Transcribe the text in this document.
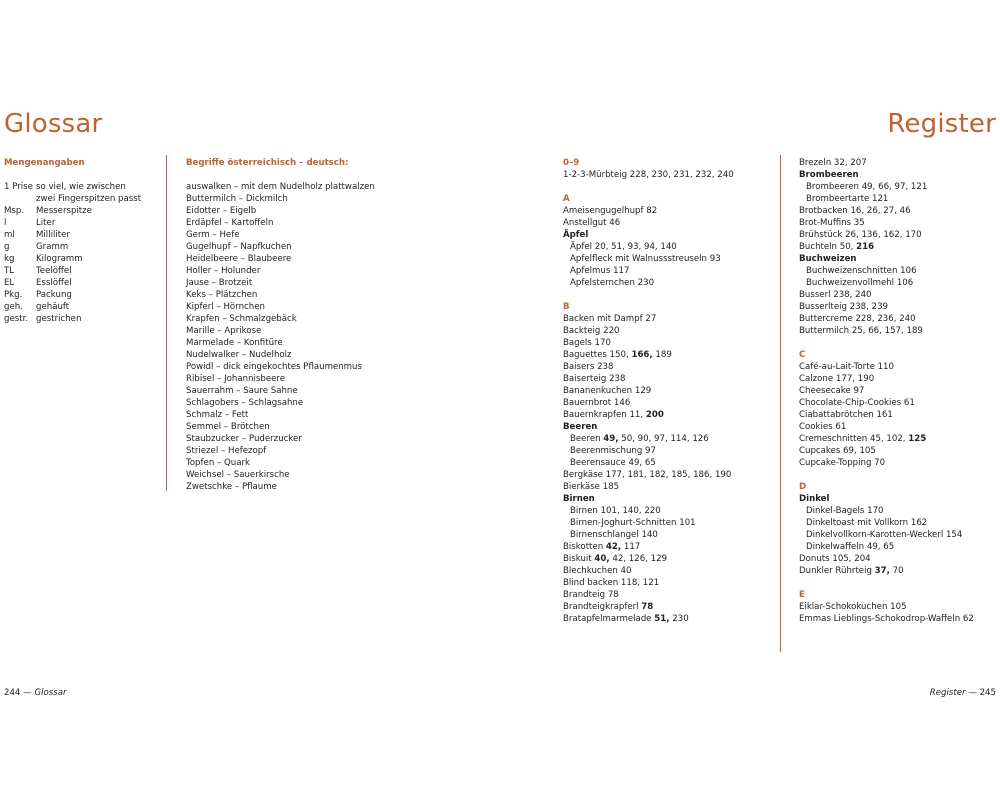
Glossar	Register
Mengenangaben
1 Prise so viel, wie zwischen
zwei Fingerspitzen passt
Msp.	Messerspitze
l	Liter
ml	Milliliter
g	Gramm
kg	Kilogramm
TL	Teelöffel
EL	Esslöffel
Pkg.	Packung
geh.	gehäuft
gestr. gestrichen
Begriffe österreichisch – deutsch:
auswalken – mit dem Nudelholz plattwalzen
Buttermilch – Dickmilch
Eidotter – Eigelb
Erdäpfel – Kartoffeln
Germ – Hefe
Gugelhupf – Napfkuchen
Heidelbeere – Blaubeere
Holler – Holunder
Jause – Brotzeit
Keks – Plätzchen
Kipferl – Hörnchen
Krapfen – Schmalzgebäck
Marille – Aprikose
Marmelade – Konfitüre
Nudelwalker – Nudelholz
Powidl – dick eingekochtes Pflaumenmus
Ribisel – Johannisbeere
Sauerrahm – Saure Sahne
Schlagobers – Schlagsahne
Schmalz – Fett
Semmel – Brötchen
Staubzucker – Puderzucker
Striezel – Hefezopf
Topfen – Quark
Weichsel – Sauerkirsche
Zwetschke – Pflaume
0–9
1-2-3-Mürbteig 228, 230, 231, 232, 240
A
Ameisengugelhupf 82
Anstellgut 46
Äpfel
Äpfel 20, 51, 93, 94, 140
Apfelfleck mit Walnussstreuseln 93
Apfelmus 117
Apfelsternchen 230
B
Backen mit Dampf 27
Backteig 220
Bagels 170
Baguettes 150, 166, 189
Baisers 238
Baiserteig 238
Bananenkuchen 129
Bauernbrot 146
Bauernkrapfen 11, 200
Beeren
Beeren 49, 50, 90, 97, 114, 126
Beerenmischung 97
Beerensauce 49, 65
Bergkäse 177, 181, 182, 185, 186, 190
Bierkäse 185
Birnen
Birnen 101, 140, 220
Birnen-Joghurt-Schnitten 101
Birnenschlangel 140
Biskotten 42, 117
Biskuit 40, 42, 126, 129
Blechkuchen 40
Blind backen 118, 121
Brandteig 78
Brandteigkrapferl 78
Bratapfelmarmelade 51, 230
Brezeln 32, 207
Brombeeren
Brombeeren 49, 66, 97, 121
Brombeertarte 121
Brotbacken 16, 26, 27, 46
Brot-Muffins 35
Brühstück 26, 136, 162, 170
Buchteln 50, 216
Buchweizen
Buchweizenschnitten 106
Buchweizenvollmehl 106
Busserl 238, 240
Busserlteig 238, 239
Buttercreme 228, 236, 240
Buttermilch 25, 66, 157, 189
C
Café-au-Lait-Torte 110
Calzone 177, 190
Cheesecake 97
Chocolate-Chip-Cookies 61
Ciabattabrötchen 161
Cookies 61
Cremeschnitten 45, 102, 125
Cupcakes 69, 105
Cupcake-Topping 70
D
Dinkel
Dinkel-Bagels 170
Dinkeltoast mit Vollkorn 162
Dinkelvollkorn-Karotten-Weckerl 154
Dinkelwaffeln 49, 65
Donuts 105, 204
Dunkler Rührteig 37, 70
E
Eiklar-Schokokuchen 105
Emmas Lieblings-Schokodrop-Waffeln 62
244 — Glossar	Register — 245
